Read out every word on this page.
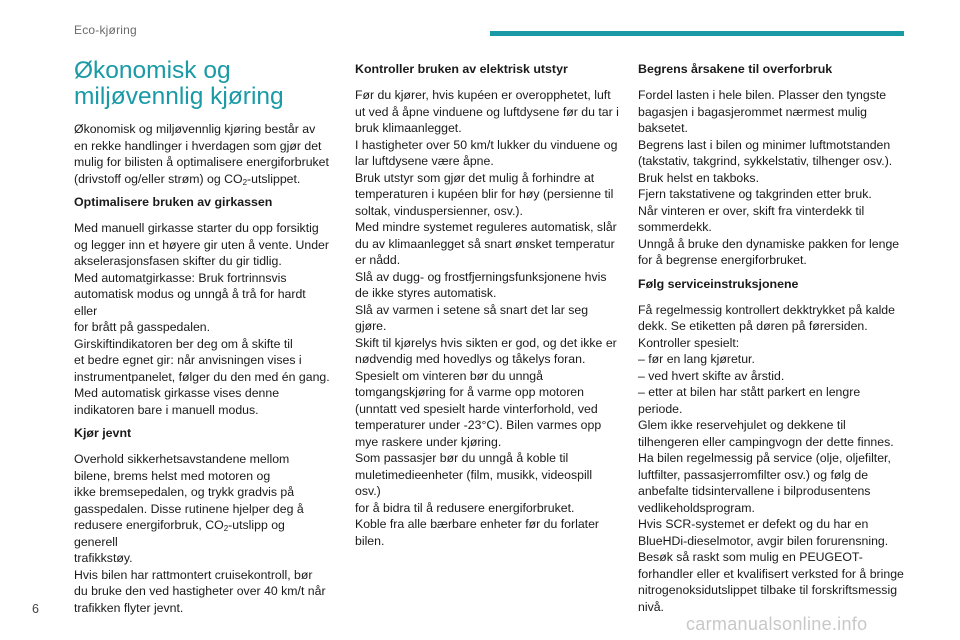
Eco-kjøring
Økonomisk og
miljøvennlig kjøring

Økonomisk og miljøvennlig kjøring består av en rekke handlinger i hverdagen som gjør det mulig for bilisten å optimalisere energiforbruket (drivstoff og/eller strøm) og $CO_2$-utslippet.

Optimalisere bruken av girkassen

Med manuell girkasse starter du opp forsiktig
og legger inn et høyere gir uten å vente. Under
akselerasjonsfasen skifter du gir tidlig.
Med automatgirkasse: Bruk fortrinnsvis
automatisk modus og unngå å trå for hardt eller
for brått på gasspedalen.
Girskiftindikatoren ber deg om å skifte til
et bedre egnet gir: når anvisningen vises i
instrumentpanelet, følger du den med én gang.
Med automatisk girkasse vises denne
indikatoren bare i manuell modus.

Kjør jevnt

Overhold sikkerhetsavstandene mellom
bilene, brems helst med motoren og
ikke bremsepedalen, og trykk gradvis på
gasspedalen. Disse rutinene hjelper deg å
redusere energiforbruk, $CO_2$-utslipp og generell
trafikkstøy.
Hvis bilen har rattmontert cruisekontroll, bør
du bruke den ved hastigheter over 40 km/t når
trafikken flyter jevnt.

Kontroller bruken av elektrisk utstyr

Før du kjører, hvis kupéen er overopphetet, luft
ut ved å åpne vinduene og luftdysene før du tar i
bruk klimaanlegget.
I hastigheter over 50 km/t lukker du vinduene og
lar luftdysene være åpne.
Bruk utstyr som gjør det mulig å forhindre at
temperaturen i kupéen blir for høy (persienne til
soltak, vinduspersienner, osv.).
Med mindre systemet reguleres automatisk, slår
du av klimaanlegget så snart ønsket temperatur
er nådd.
Slå av dugg- og frostfjerningsfunksjonene hvis
de ikke styres automatisk.
Slå av varmen i setene så snart det lar seg
gjøre.
Skift til kjørelys hvis sikten er god, og det ikke er
nødvendig med hovedlys og tåkelys foran.
Spesielt om vinteren bør du unngå
tomgangskjøring for å varme opp motoren
(unntatt ved spesielt harde vinterforhold, ved
temperaturer under -23°C). Bilen varmes opp
mye raskere under kjøring.
Som passasjer bør du unngå å koble til
muletimedieenheter (film, musikk, videospill osv.)
for å bidra til å redusere energiforbruket.
Koble fra alle bærbare enheter før du forlater
bilen.

Begrens årsakene til overforbruk

Fordel lasten i hele bilen. Plasser den tyngste
bagasjen i bagasjerommet nærmest mulig
baksetet.
Begrens last i bilen og minimer luftmotstanden
(takstativ, takgrind, sykkelstativ, tilhenger osv.).
Bruk helst en takboks.
Fjern takstativene og takgrinden etter bruk.
Når vinteren er over, skift fra vinterdekk til
sommerdekk.
Unngå å bruke den dynamiske pakken for lenge
for å begrense energiforbruket.

Følg serviceinstruksjonene

Få regelmessig kontrollert dekktrykket på kalde
dekk. Se etiketten på døren på førersiden.
Kontroller spesielt:
– før en lang kjøretur.
– ved hvert skifte av årstid.
– etter at bilen har stått parkert en lengre
periode.
Glem ikke reservehjulet og dekkene til
tilhengeren eller campingvogn der dette finnes.
Ha bilen regelmessig på service (olje, oljefilter,
luftfilter, passasjerromfilter osv.) og følg de
anbefalte tidsintervallene i bilprodusentens
vedlikeholdsprogram.
Hvis SCR-systemet er defekt og du har en
BlueHDi-dieselmotor, avgir bilen forurensning.
Besøk så raskt som mulig en PEUGEOT-
forhandler eller et kvalifisert verksted for å bringe
nitrogenoksidutslippet tilbake til forskriftsmessig
nivå.

6
carmanualsonline.info
